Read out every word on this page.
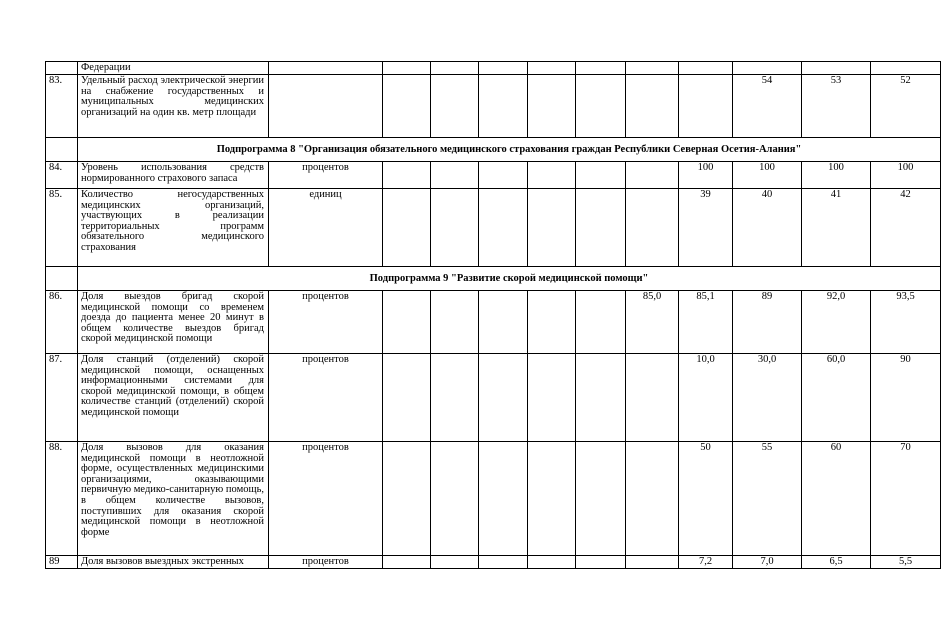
	Федерации											
83.	Удельный расход электрической энергии на снабжение государственных и муниципальных медицинских организаций на один кв. метр площади									54	53	52
	Подпрограмма 8 "Организация обязательного медицинского страхования граждан Республики Северная Осетия-Алания"											
84.	Уровень использования средств нормированного страхового запаса	процентов							100	100	100	100
85.	Количество негосударственных медицинских организаций, участвующих в реализации территориальных программ обязательного медицинского страхования	единиц							39	40	41	42
	Подпрограмма 9 "Развитие скорой медицинской помощи"											
86.	Доля выездов бригад скорой медицинской помощи со временем доезда до пациента менее 20 минут в общем количестве выездов бригад скорой медицинской помощи	процентов						85,0	85,1	89	92,0	93,5
87.	Доля станций (отделений) скорой медицинской помощи, оснащенных информационными системами для скорой медицинской помощи, в общем количестве станций (отделений) скорой медицинской помощи	процентов							10,0	30,0	60,0	90
88.	Доля вызовов для оказания медицинской помощи в неотложной форме, осуществленных медицинскими организациями, оказывающими первичную медико-санитарную помощь, в общем количестве вызовов, поступивших для оказания скорой медицинской помощи в неотложной форме	процентов							50	55	60	70
89	Доля вызовов выездных экстренных	процентов							7,2	7,0	6,5	5,5
